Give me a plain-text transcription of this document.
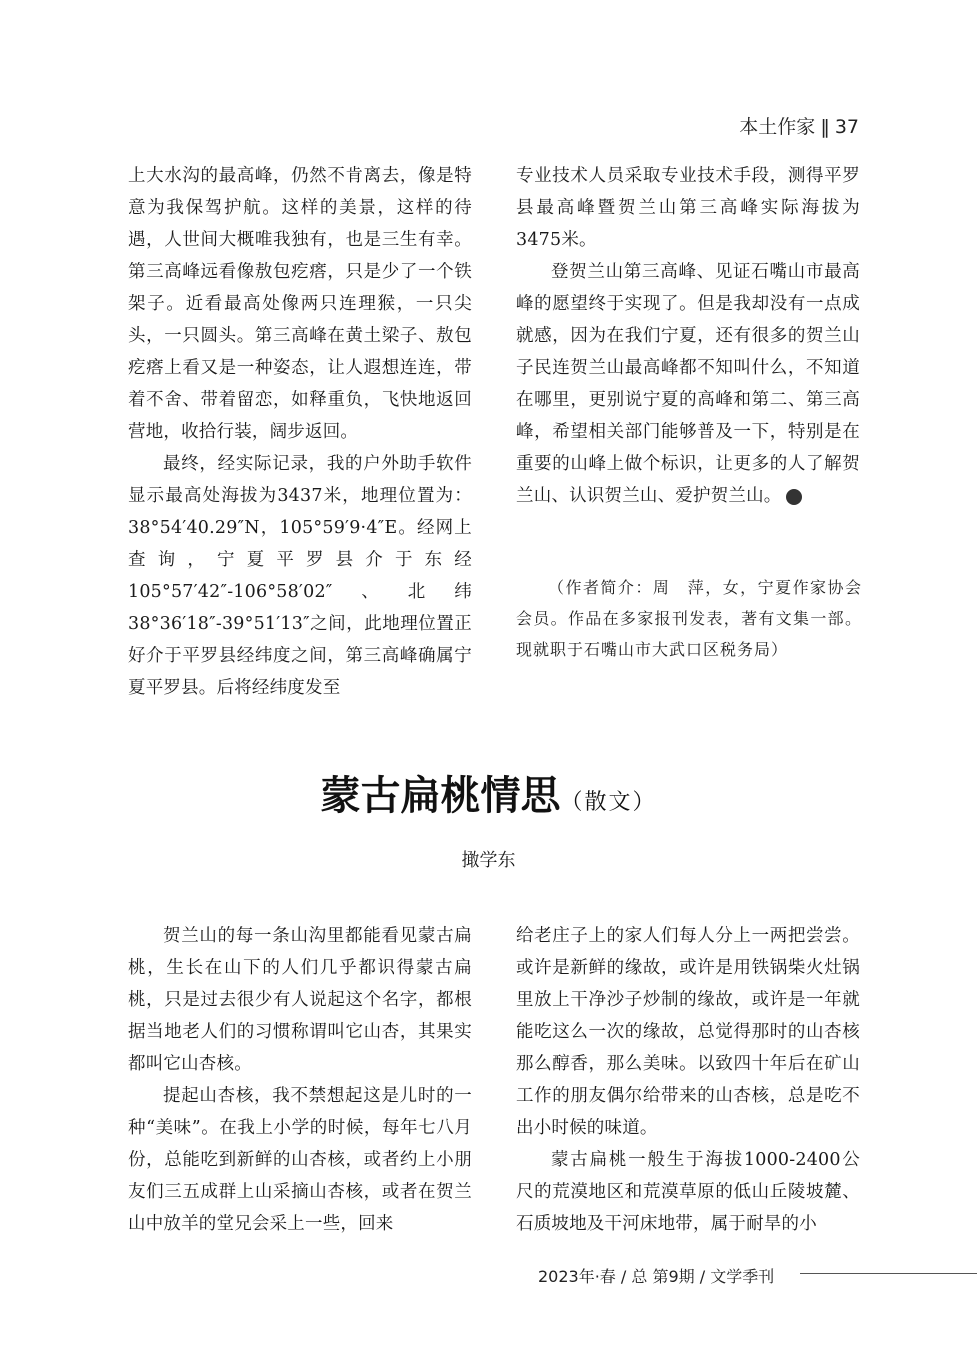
本土作家 ‖ 37

上大水沟的最高峰，仍然不肯离去，像是特意为我保驾护航。这样的美景，这样的待遇，人世间大概唯我独有，也是三生有幸。第三高峰远看像敖包疙瘩，只是少了一个铁架子。近看最高处像两只连理猴，一只尖头，一只圆头。第三高峰在黄土梁子、敖包疙瘩上看又是一种姿态，让人遐想连连，带着不舍、带着留恋，如释重负，飞快地返回营地，收拾行装，阔步返回。

最终，经实际记录，我的户外助手软件显示最高处海拔为3437米，地理位置为：38°54′40.29″N，105°59′9·4″E。经网上查询，宁夏平罗县介于东经105°57′42″-106°58′02″、北纬38°36′18″-39°51′13″之间，此地理位置正好介于平罗县经纬度之间，第三高峰确属宁夏平罗县。后将经纬度发至

专业技术人员采取专业技术手段，测得平罗县最高峰暨贺兰山第三高峰实际海拔为3475米。

登贺兰山第三高峰、见证石嘴山市最高峰的愿望终于实现了。但是我却没有一点成就感，因为在我们宁夏，还有很多的贺兰山子民连贺兰山最高峰都不知叫什么，不知道在哪里，更别说宁夏的高峰和第二、第三高峰，希望相关部门能够普及一下，特别是在重要的山峰上做个标识，让更多的人了解贺兰山、认识贺兰山、爱护贺兰山。

（作者简介：周　萍，女，宁夏作家协会会员。作品在多家报刊发表，著有文集一部。现就职于石嘴山市大武口区税务局）

蒙古扁桃情思（散文）
撖学东

贺兰山的每一条山沟里都能看见蒙古扁桃，生长在山下的人们几乎都识得蒙古扁桃，只是过去很少有人说起这个名字，都根据当地老人们的习惯称谓叫它山杏，其果实都叫它山杏核。

提起山杏核，我不禁想起这是儿时的一种“美味”。在我上小学的时候，每年七八月份，总能吃到新鲜的山杏核，或者约上小朋友们三五成群上山采摘山杏核，或者在贺兰山中放羊的堂兄会采上一些，回来

给老庄子上的家人们每人分上一两把尝尝。或许是新鲜的缘故，或许是用铁锅柴火灶锅里放上干净沙子炒制的缘故，或许是一年就能吃这么一次的缘故，总觉得那时的山杏核那么醇香，那么美味。以致四十年后在矿山工作的朋友偶尔给带来的山杏核，总是吃不出小时候的味道。

蒙古扁桃一般生于海拔1000-2400公尺的荒漠地区和荒漠草原的低山丘陵坡麓、石质坡地及干河床地带，属于耐旱的小

2023年·春 / 总 第9期 / 文学季刊
